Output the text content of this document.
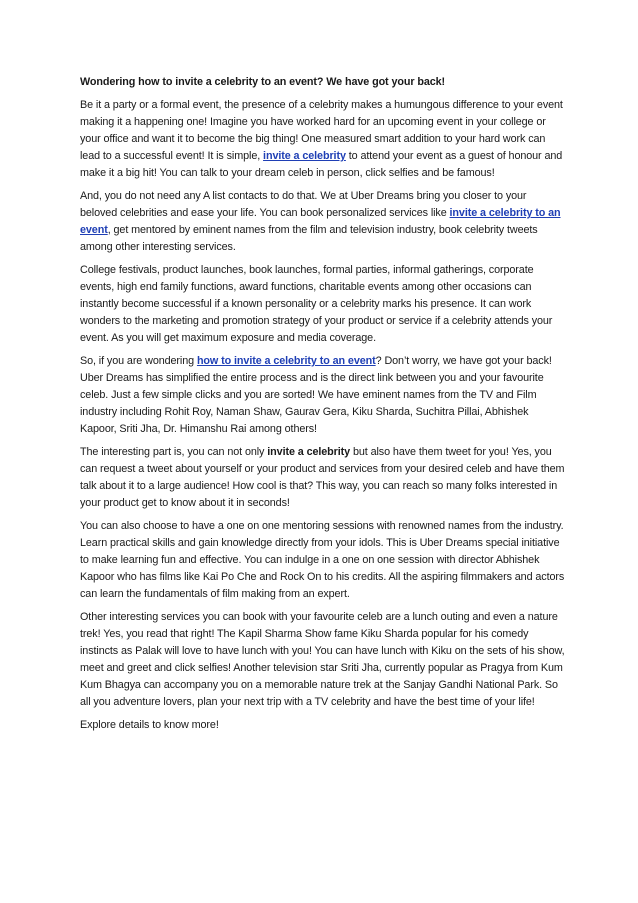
Wondering how to invite a celebrity to an event? We have got your back!

Be it a party or a formal event, the presence of a celebrity makes a humungous difference to your event making it a happening one! Imagine you have worked hard for an upcoming event in your college or your office and want it to become the big thing! One measured smart addition to your hard work can lead to a successful event! It is simple, invite a celebrity to attend your event as a guest of honour and make it a big hit! You can talk to your dream celeb in person, click selfies and be famous!

And, you do not need any A list contacts to do that. We at Uber Dreams bring you closer to your beloved celebrities and ease your life. You can book personalized services like invite a celebrity to an event, get mentored by eminent names from the film and television industry, book celebrity tweets among other interesting services.

College festivals, product launches, book launches, formal parties, informal gatherings, corporate events, high end family functions, award functions, charitable events among other occasions can instantly become successful if a known personality or a celebrity marks his presence. It can work wonders to the marketing and promotion strategy of your product or service if a celebrity attends your event. As you will get maximum exposure and media coverage.

So, if you are wondering how to invite a celebrity to an event? Don’t worry, we have got your back! Uber Dreams has simplified the entire process and is the direct link between you and your favourite celeb. Just a few simple clicks and you are sorted! We have eminent names from the TV and Film industry including Rohit Roy, Naman Shaw, Gaurav Gera, Kiku Sharda, Suchitra Pillai, Abhishek Kapoor, Sriti Jha, Dr. Himanshu Rai among others!

The interesting part is, you can not only invite a celebrity but also have them tweet for you! Yes, you can request a tweet about yourself or your product and services from your desired celeb and have them talk about it to a large audience! How cool is that? This way, you can reach so many folks interested in your product get to know about it in seconds!

You can also choose to have a one on one mentoring sessions with renowned names from the industry. Learn practical skills and gain knowledge directly from your idols. This is Uber Dreams special initiative to make learning fun and effective. You can indulge in a one on one session with director Abhishek Kapoor who has films like Kai Po Che and Rock On to his credits. All the aspiring filmmakers and actors can learn the fundamentals of film making from an expert.

Other interesting services you can book with your favourite celeb are a lunch outing and even a nature trek! Yes, you read that right! The Kapil Sharma Show fame Kiku Sharda popular for his comedy instincts as Palak will love to have lunch with you! You can have lunch with Kiku on the sets of his show, meet and greet and click selfies! Another television star Sriti Jha, currently popular as Pragya from Kum Kum Bhagya can accompany you on a memorable nature trek at the Sanjay Gandhi National Park. So all you adventure lovers, plan your next trip with a TV celebrity and have the best time of your life!

Explore details to know more!
